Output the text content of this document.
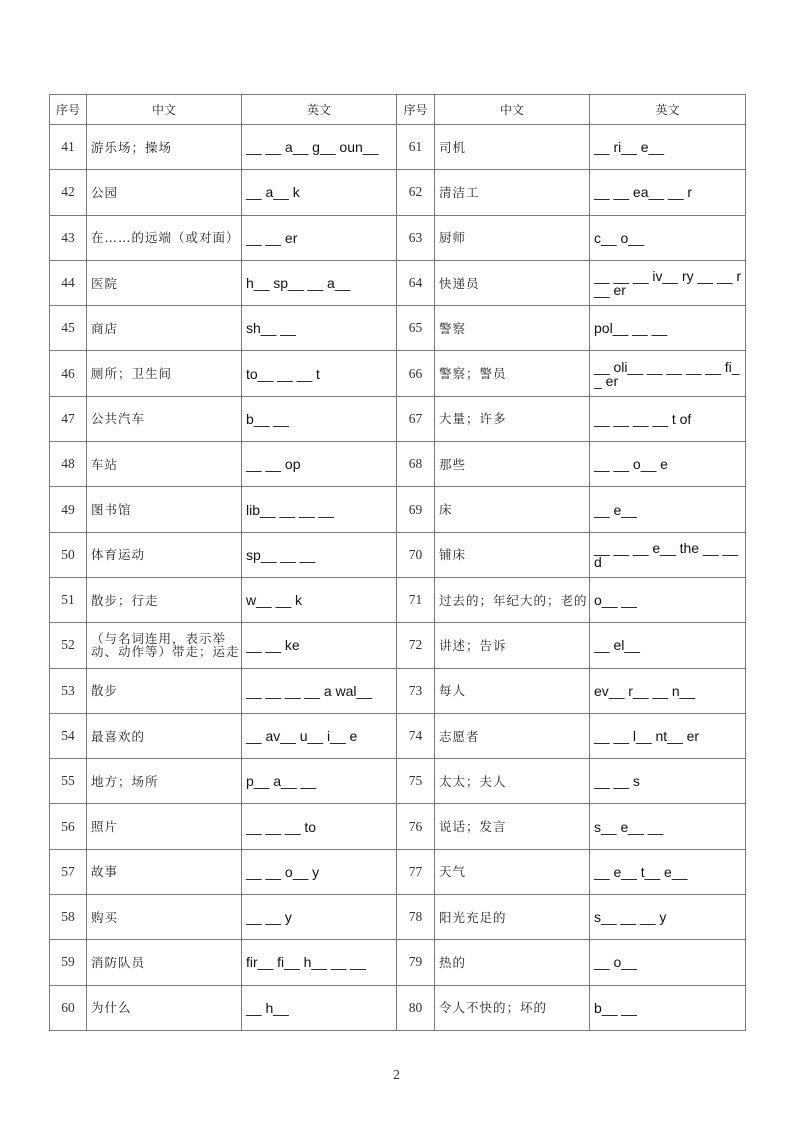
序号	中文	英文	序号	中文	英文
41	游乐场；操场	__ __ a__ g__ oun__	61	司机	__ ri__ e__
42	公园	__ a__ k	62	清洁工	__ __ ea__ __ r
43	在……的远端（或对面）	__ __ er	63	厨师	c__ o__
44	医院	h__ sp__ __ a__	64	快递员	__ __ __ iv__ ry __ __ r__ er
45	商店	sh__ __	65	警察	pol__ __ __
46	厕所；卫生间	to__ __ __ t	66	警察；警员	__ oli__ __ __ __ __ fi__ er
47	公共汽车	b__ __	67	大量；许多	__ __ __ __ t of
48	车站	__ __ op	68	那些	__ __ o__ e
49	图书馆	lib__ __ __ __	69	床	__ e__
50	体育运动	sp__ __ __	70	铺床	__ __ __ e__ the __ __ d
51	散步；行走	w__ __ k	71	过去的；年纪大的；老的	o__ __
52	（与名词连用，表示举动、动作等）带走；运走	__ __ ke	72	讲述；告诉	__ el__
53	散步	__ __ __ __ a wal__	73	每人	ev__ r__ __ n__
54	最喜欢的	__ av__ u__ i__ e	74	志愿者	__ __ l__ nt__ er
55	地方；场所	p__ a__ __	75	太太；夫人	__ __ s
56	照片	__ __ __ to	76	说话；发言	s__ e__ __
57	故事	__ __ o__ y	77	天气	__ e__ t__ e__
58	购买	__ __ y	78	阳光充足的	s__ __ __ y
59	消防队员	fir__ fi__ h__ __ __	79	热的	__ o__
60	为什么	__ h__	80	令人不快的；坏的	b__ __
2
